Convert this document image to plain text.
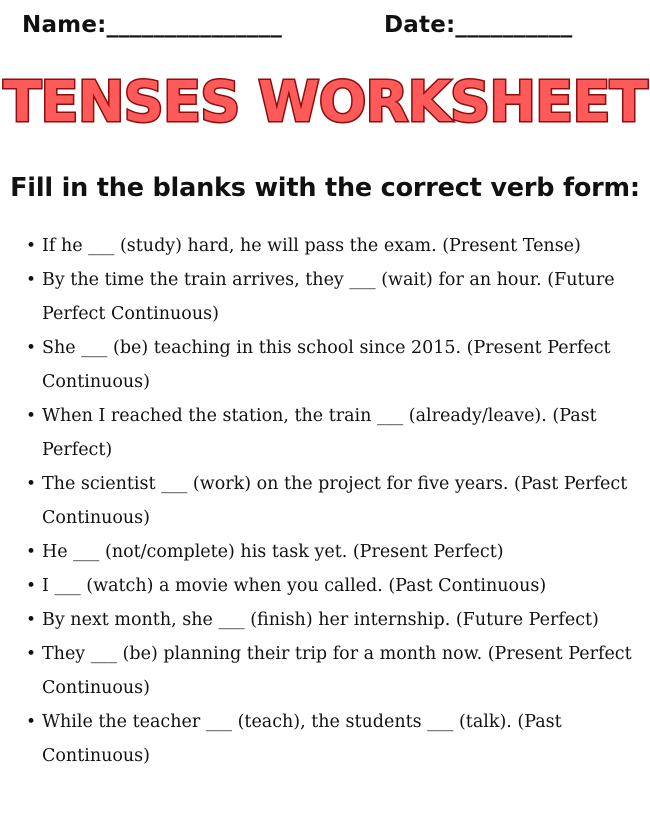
Name:_______________	Date:__________
TENSES WORKSHEET
Fill in the blanks with the correct verb form:
• If he ___ (study) hard, he will pass the exam. (Present Tense)
• By the time the train arrives, they ___ (wait) for an hour. (Future Perfect Continuous)
• She ___ (be) teaching in this school since 2015. (Present Perfect Continuous)
• When I reached the station, the train ___ (already/leave). (Past Perfect)
• The scientist ___ (work) on the project for five years. (Past Perfect Continuous)
• He ___ (not/complete) his task yet. (Present Perfect)
• I ___ (watch) a movie when you called. (Past Continuous)
• By next month, she ___ (finish) her internship. (Future Perfect)
• They ___ (be) planning their trip for a month now. (Present Perfect Continuous)
• While the teacher ___ (teach), the students ___ (talk). (Past Continuous)
